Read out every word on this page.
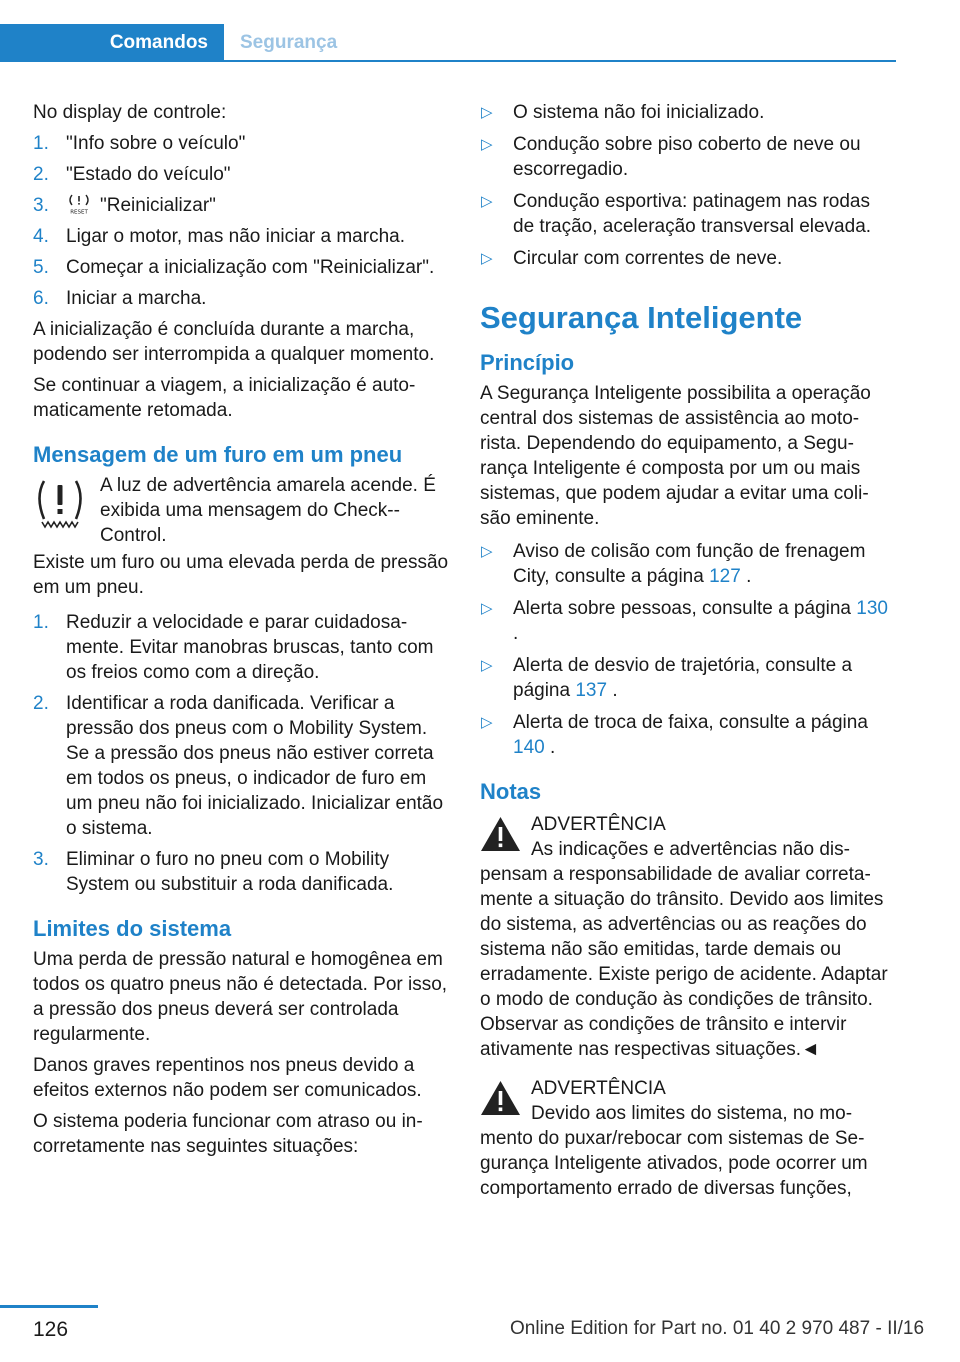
Comandos	Segurança

No display de controle:

1. "Info sobre o veículo"
2. "Estado do veículo"
3.	RESET "Reinicializar"
4. Ligar o motor, mas não iniciar a marcha.
5. Começar a inicialização com "Reinicializar".
6. Iniciar a marcha.

A inicialização é concluída durante a marcha, podendo ser interrompida a qualquer momento.

Se continuar a viagem, a inicialização é automaticamente retomada.

Mensagem de um furo em um pneu

A luz de advertência amarela acende. É exibida uma mensagem do Check-Control.

Existe um furo ou uma elevada perda de pressão em um pneu.

1. Reduzir a velocidade e parar cuidadosamente. Evitar manobras bruscas, tanto com os freios como com a direção.
2. Identificar a roda danificada. Verificar a pressão dos pneus com o Mobility System. Se a pressão dos pneus não estiver correta em todos os pneus, o indicador de furo em um pneu não foi inicializado. Inicializar então o sistema.
3. Eliminar o furo no pneu com o Mobility System ou substituir a roda danificada.
Limites do sistema

Uma perda de pressão natural e homogênea em todos os quatro pneus não é detectada. Por isso, a pressão dos pneus deverá ser controlada regularmente.

Danos graves repentinos nos pneus devido a efeitos externos não podem ser comunicados.

O sistema poderia funcionar com atraso ou incorretamente nas seguintes situações:

▷ O sistema não foi inicializado.
▷ Condução sobre piso coberto de neve ou escorregadio.
▷ Condução esportiva: patinagem nas rodas de tração, aceleração transversal elevada.
▷ Circular com correntes de neve.
Segurança Inteligente
Princípio

A Segurança Inteligente possibilita a operação central dos sistemas de assistência ao motorista. Dependendo do equipamento, a Segurança Inteligente é composta por um ou mais sistemas, que podem ajudar a evitar uma colisão eminente.

▷ Aviso de colisão com função de frenagem City, consulte a página 127 .
▷ Alerta sobre pessoas, consulte a página 130 .
▷ Alerta de desvio de trajetória, consulte a página 137 .
▷ Alerta de troca de faixa, consulte a página 140 .
Notas

ADVERTÊNCIA

As indicações e advertências não dispensam a responsabilidade de avaliar corretamente a situação do trânsito. Devido aos limites do sistema, as advertências ou as reações do sistema não são emitidas, tarde demais ou erradamente. Existe perigo de acidente. Adaptar o modo de condução às condições de trânsito. Observar as condições de trânsito e intervir ativamente nas respectivas situações.◄

ADVERTÊNCIA

Devido aos limites do sistema, no momento do puxar/rebocar com sistemas de Segurança Inteligente ativados, pode ocorrer um comportamento errado de diversas funções,

126	Online Edition for Part no. 01 40 2 970 487 - II/16
